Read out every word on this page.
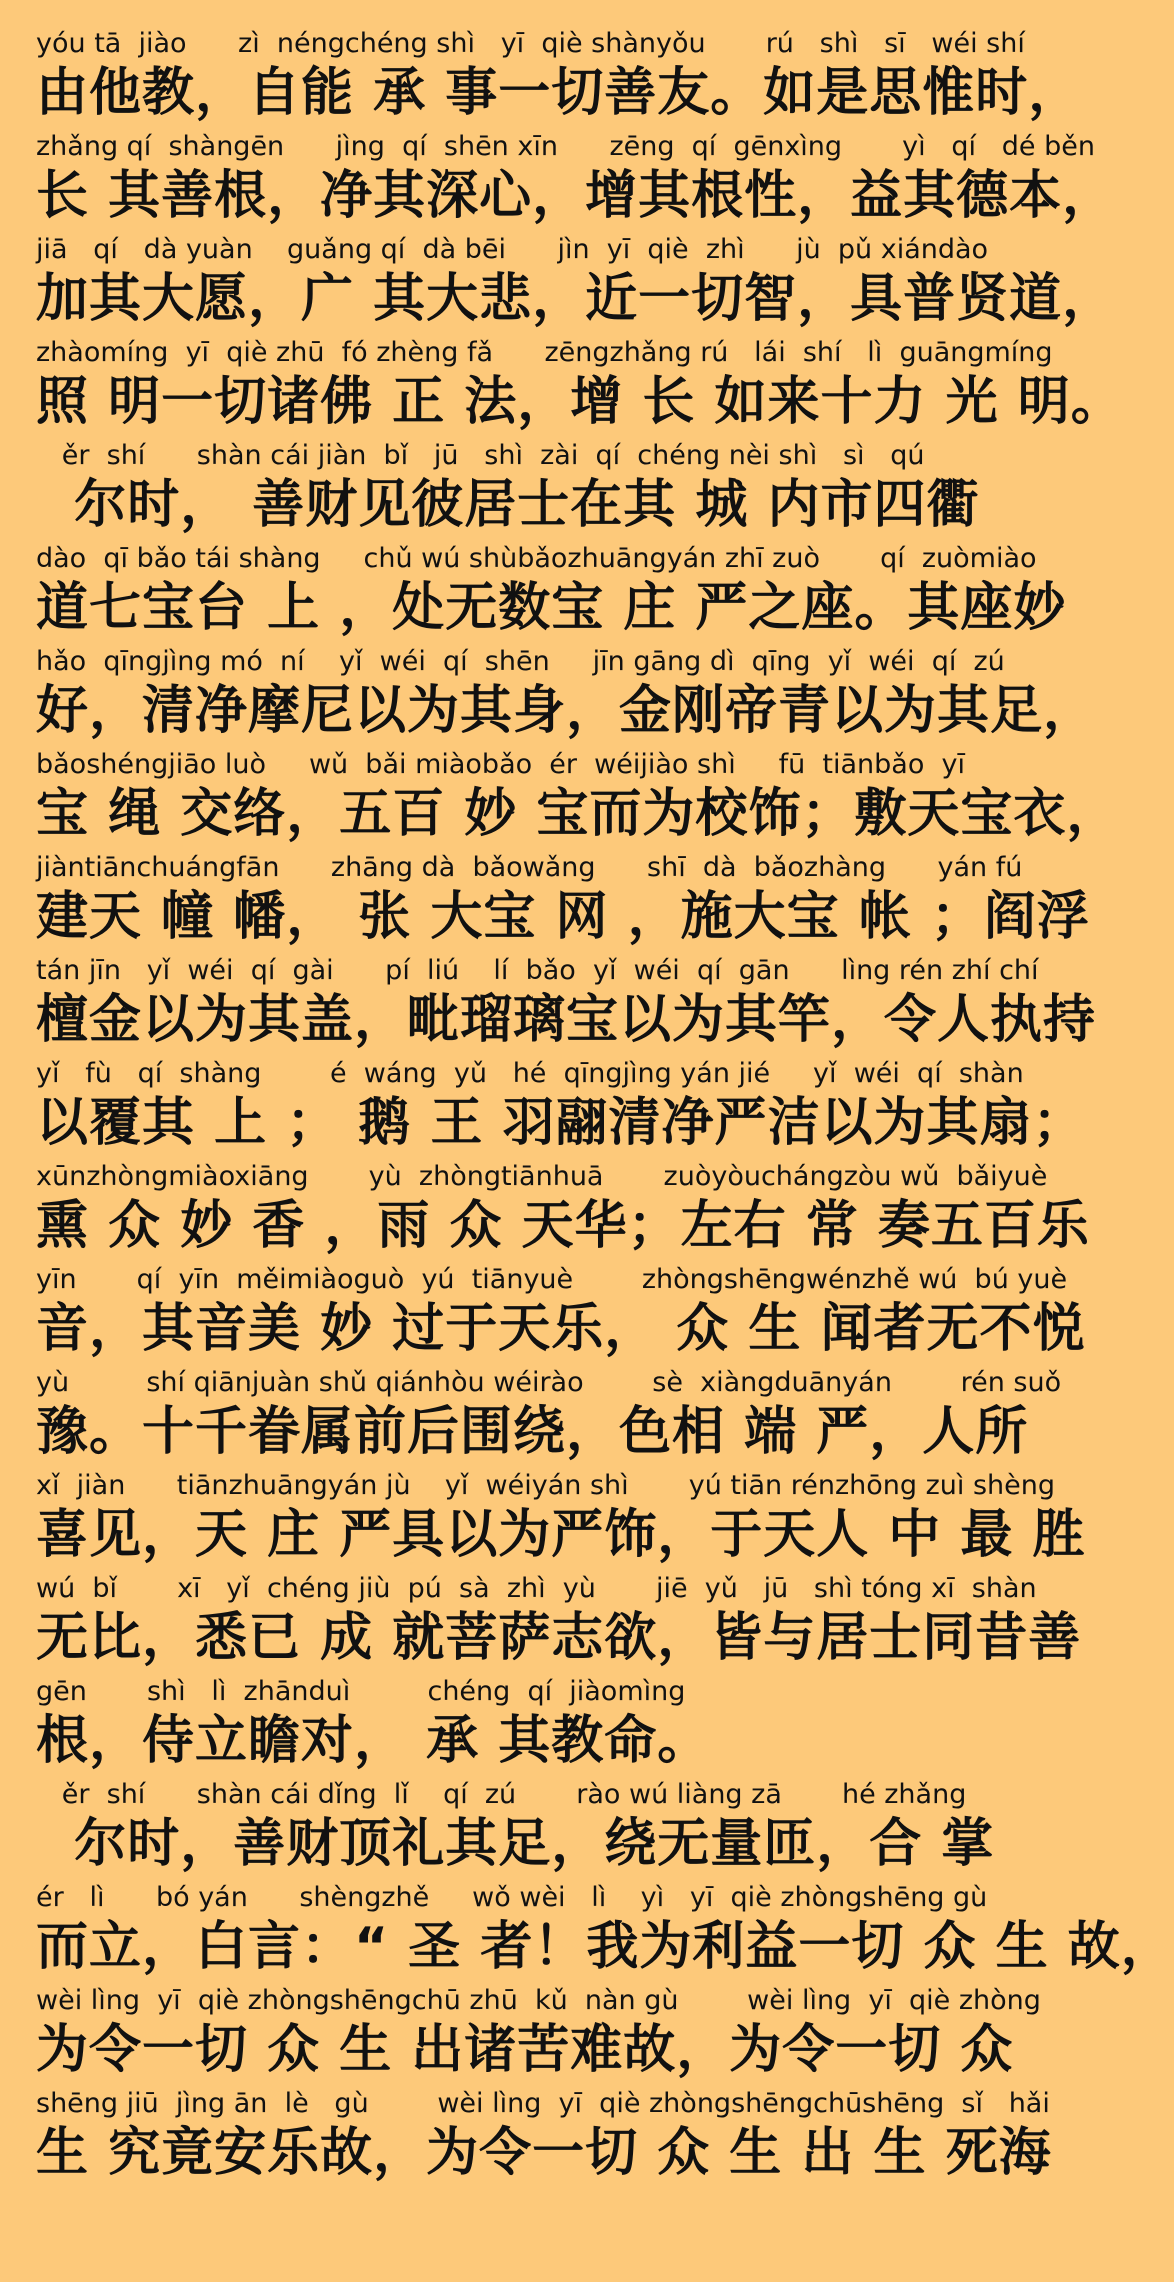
yóu tā  jiào      zì  néngchéng shì   yī  qiè shànyǒu       rú   shì   sī   wéi shí
由他教，自能 承 事一切善友。如是思惟时，
zhǎng qí  shàngēn      jìng  qí  shēn xīn      zēng  qí  gēnxìng       yì   qí   dé běn
长 其善根，净其深心，增其根性，益其德本，
jiā   qí   dà yuàn    guǎng qí  dà bēi      jìn  yī  qiè  zhì      jù  pǔ xiándào
加其大愿，广 其大悲，近一切智，具普贤道，
zhàomíng  yī  qiè zhū  fó zhèng fǎ      zēngzhǎng rú   lái  shí   lì  guāngmíng
照 明一切诸佛 正 法，增 长 如来十力 光 明。
ěr  shí      shàn cái jiàn  bǐ   jū   shì  zài  qí  chéng nèi shì   sì   qú
尔时， 善财见彼居士在其 城 内市四衢
dào  qī bǎo tái shàng     chǔ wú shùbǎozhuāngyán zhī zuò       qí  zuòmiào
道七宝台 上 ，处无数宝 庄 严之座。其座妙
hǎo  qīngjìng mó  ní    yǐ  wéi  qí  shēn     jīn gāng dì  qīng  yǐ  wéi  qí  zú
好，清净摩尼以为其身，金刚帝青以为其足，
bǎoshéngjiāo luò     wǔ  bǎi miàobǎo  ér  wéijiào shì     fū  tiānbǎo  yī
宝 绳 交络，五百 妙 宝而为校饰；敷天宝衣，
jiàntiānchuángfān      zhāng dà  bǎowǎng      shī  dà  bǎozhàng      yán fú
建天 幢 幡， 张 大宝 网 ，施大宝 帐 ；阎浮
tán jīn   yǐ  wéi  qí  gài      pí  liú    lí  bǎo  yǐ  wéi  qí  gān      lìng rén zhí chí
檀金以为其盖，毗瑠璃宝以为其竿，令人执持
yǐ   fù   qí  shàng        é  wáng  yǔ   hé  qīngjìng yán jié     yǐ  wéi  qí  shàn
以覆其 上 ； 鹅 王 羽翮清净严洁以为其扇；
xūnzhòngmiàoxiāng       yù  zhòngtiānhuā       zuòyòuchángzòu wǔ  bǎiyuè
熏 众 妙 香 ，雨 众 天华；左右 常 奏五百乐
yīn       qí  yīn  měimiàoguò  yú  tiānyuè        zhòngshēngwénzhě wú  bú yuè
音，其音美 妙 过于天乐， 众 生 闻者无不悦
yù         shí qiānjuàn shǔ qiánhòu wéirào        sè  xiàngduānyán        rén suǒ
豫。十千眷属前后围绕，色相 端 严，人所
xǐ  jiàn      tiānzhuāngyán jù    yǐ  wéiyán shì       yú tiān rénzhōng zuì shèng
喜见，天 庄 严具以为严饰，于天人 中 最 胜
wú  bǐ       xī   yǐ  chéng jiù  pú  sà  zhì  yù       jiē  yǔ   jū   shì tóng xī  shàn
无比，悉已 成 就菩萨志欲，皆与居士同昔善
gēn       shì   lì  zhānduì         chéng  qí  jiàomìng
根，侍立瞻对， 承 其教命。
ěr  shí      shàn cái dǐng  lǐ    qí  zú       rào wú liàng zā       hé zhǎng
尔时，善财顶礼其足，绕无量匝，合 掌
ér   lì      bó yán      shèngzhě     wǒ wèi   lì    yì   yī  qiè zhòngshēng gù
而立，白言：“ 圣 者！我为利益一切 众 生 故，
wèi lìng  yī  qiè zhòngshēngchū zhū  kǔ  nàn gù        wèi lìng  yī  qiè zhòng
为令一切 众 生 出诸苦难故，为令一切 众
shēng jiū  jìng ān  lè   gù        wèi lìng  yī  qiè zhòngshēngchūshēng  sǐ   hǎi
生 究竟安乐故，为令一切 众 生 出 生 死海
